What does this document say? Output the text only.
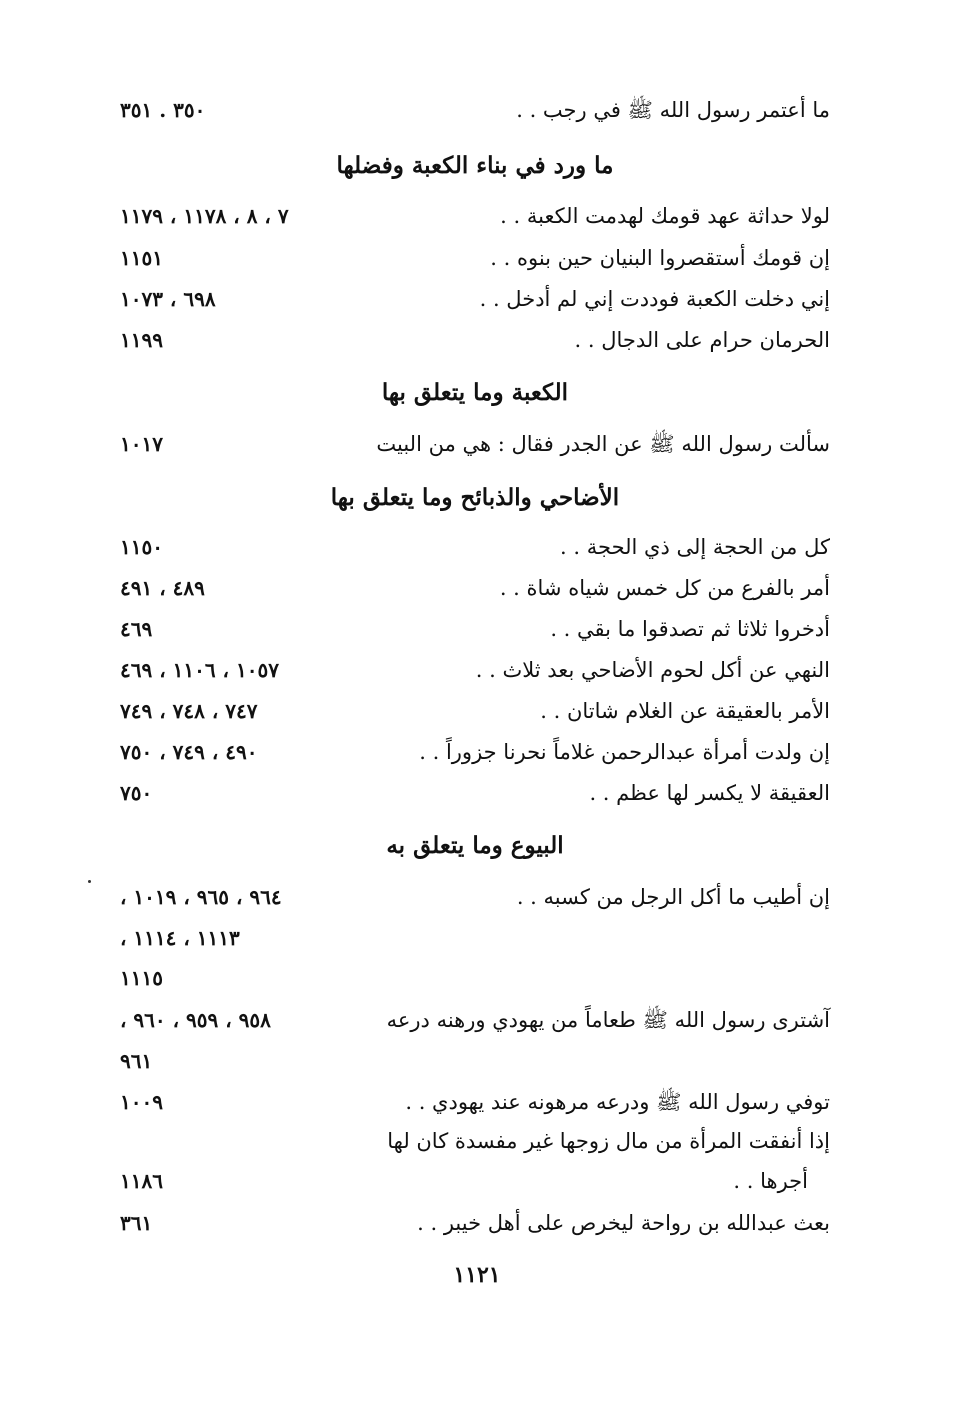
ما أعتمر رسول الله ﷺ في رجب . .
٣٥٠ . ٣٥١
ما ورد في بناء الكعبة وفضلها
لولا حداثة عهد قومك لهدمت الكعبة . .
٧ ، ٨ ، ١١٧٨ ، ١١٧٩
إن قومك أستقصروا البنيان حين بنوه . .
١١٥١
إني دخلت الكعبة فوددت إني لم أدخل . .
٦٩٨ ، ١٠٧٣
الحرمان حرام على الدجال . .
١١٩٩
الكعبة وما يتعلق بها
سألت رسول الله ﷺ عن الجدر فقال : هي من البيت
١٠١٧
الأضاحي والذبائح وما يتعلق بها
كل من الحجة إلى ذي الحجة . .
١١٥٠
أمر بالفرع من كل خمس شياه شاة . .
٤٨٩ ، ٤٩١
أدخروا ثلاثا ثم تصدقوا ما بقي . .
٤٦٩
النهي عن أكل لحوم الأضاحي بعد ثلاث . .
١٠٥٧ ، ١١٠٦ ، ٤٦٩
الأمر بالعقيقة عن الغلام شاتان . .
٧٤٧ ، ٧٤٨ ، ٧٤٩
إن ولدت أمرأة عبدالرحمن غلاماً نحرنا جزوراً . .
٤٩٠ ، ٧٤٩ ، ٧٥٠
العقيقة لا يكسر لها عظم . .
٧٥٠
البيوع وما يتعلق به
إن أطيب ما أكل الرجل من كسبه . .
٩٦٤ ، ٩٦٥ ، ١٠١٩ ،
١١١٣ ، ١١١٤ ،
١١١٥
آشترى رسول الله ﷺ طعاماً من يهودي ورهنه درعه
٩٥٨ ، ٩٥٩ ، ٩٦٠ ،
٩٦١
توفي رسول الله ﷺ ودرعه مرهونه عند يهودي . .
١٠٠٩
إذا أنفقت المرأة من مال زوجها غير مفسدة كان لها
أجرها . .
١١٨٦
بعث عبدالله بن رواحة ليخرص على أهل خيبر . .
٣٦١
١١٢١
